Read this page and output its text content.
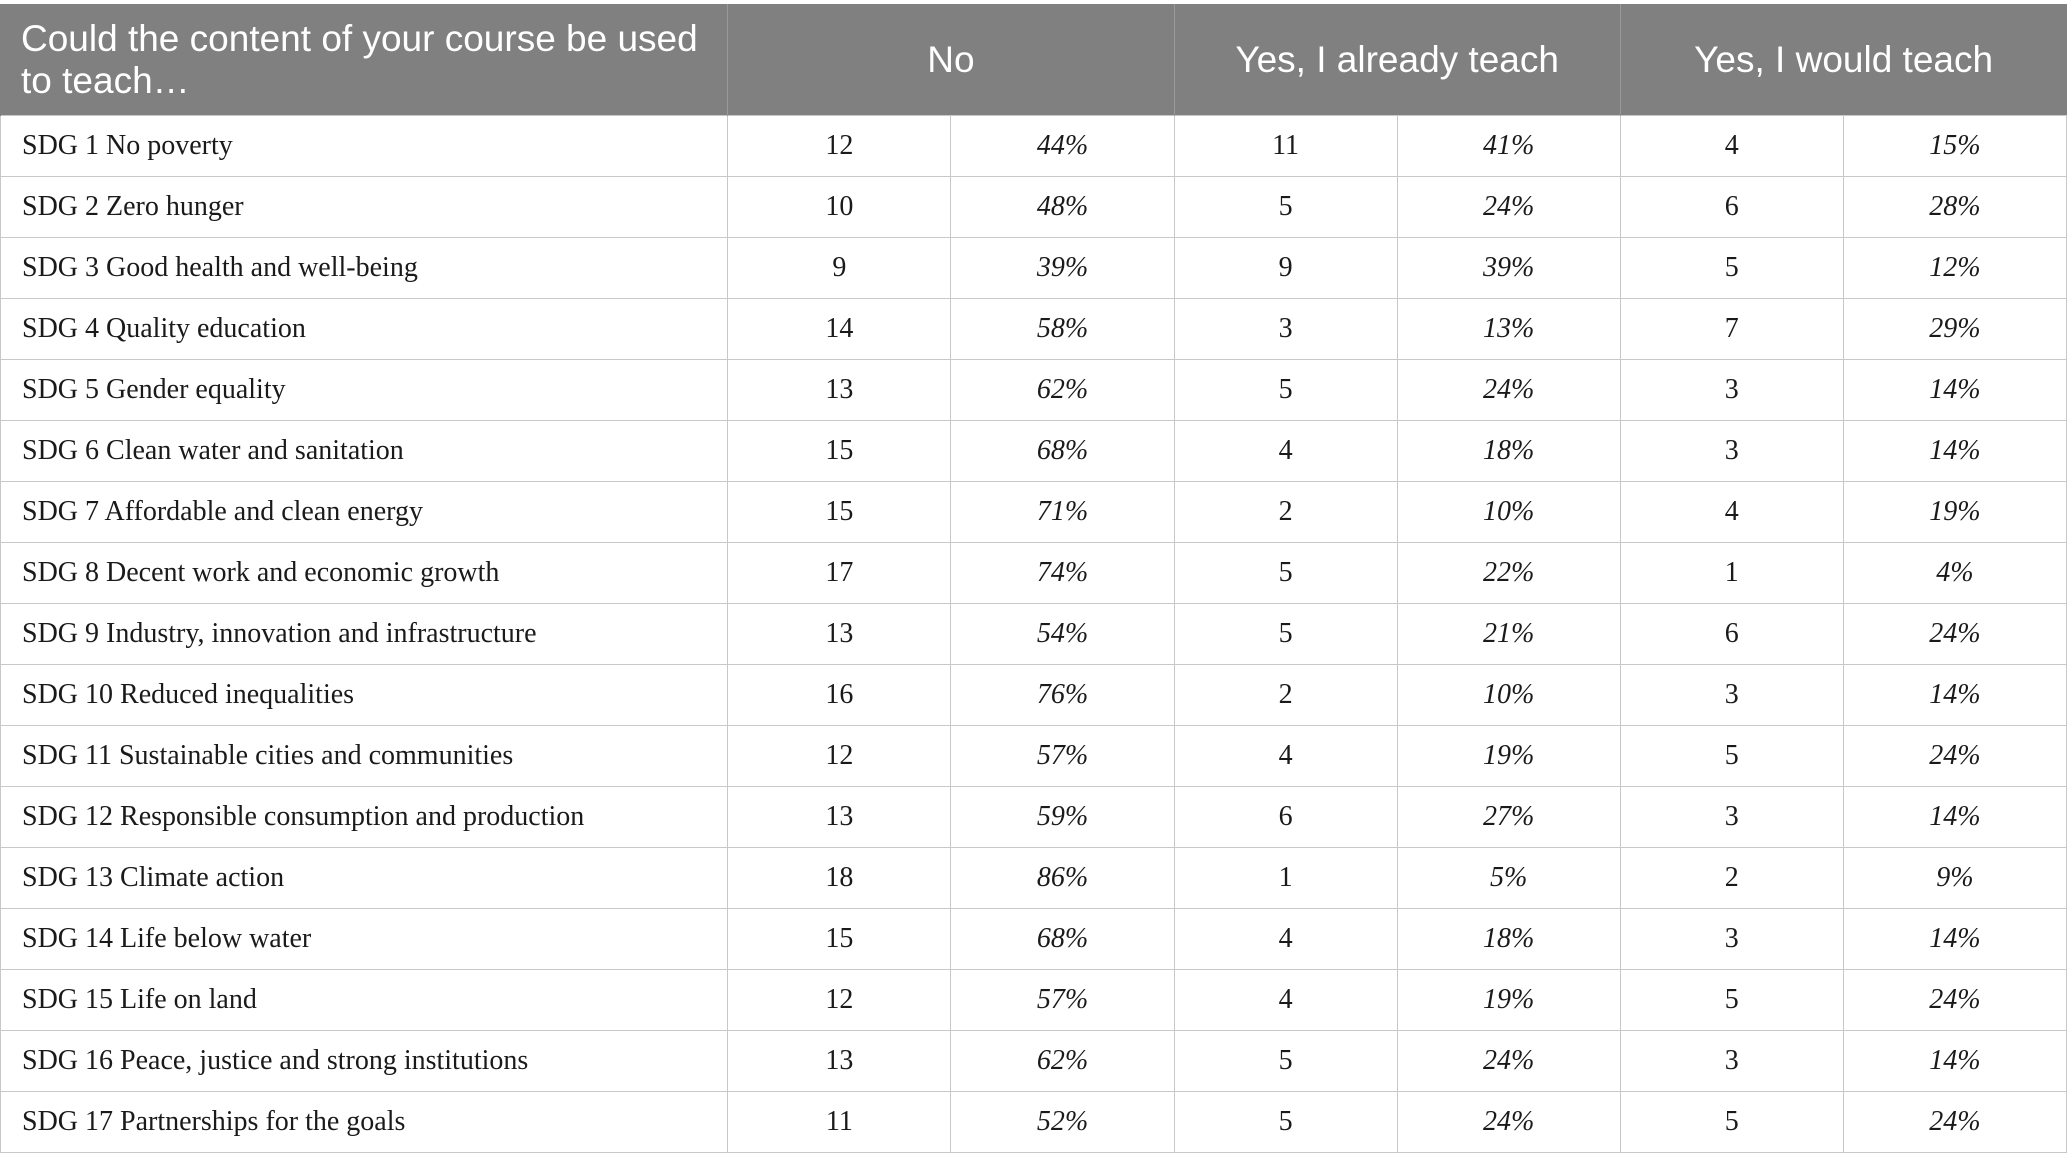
Could the content of your course be used to teach…	No		Yes, I already teach		Yes, I would teach	
SDG 1 No poverty	12	44%	11	41%	4	15%
SDG 2 Zero hunger	10	48%	5	24%	6	28%
SDG 3 Good health and well-being	9	39%	9	39%	5	12%
SDG 4 Quality education	14	58%	3	13%	7	29%
SDG 5 Gender equality	13	62%	5	24%	3	14%
SDG 6 Clean water and sanitation	15	68%	4	18%	3	14%
SDG 7 Affordable and clean energy	15	71%	2	10%	4	19%
SDG 8 Decent work and economic growth	17	74%	5	22%	1	4%
SDG 9 Industry, innovation and infrastructure	13	54%	5	21%	6	24%
SDG 10 Reduced inequalities	16	76%	2	10%	3	14%
SDG 11 Sustainable cities and communities	12	57%	4	19%	5	24%
SDG 12 Responsible consumption and production	13	59%	6	27%	3	14%
SDG 13 Climate action	18	86%	1	5%	2	9%
SDG 14 Life below water	15	68%	4	18%	3	14%
SDG 15 Life on land	12	57%	4	19%	5	24%
SDG 16 Peace, justice and strong institutions	13	62%	5	24%	3	14%
SDG 17 Partnerships for the goals	11	52%	5	24%	5	24%
